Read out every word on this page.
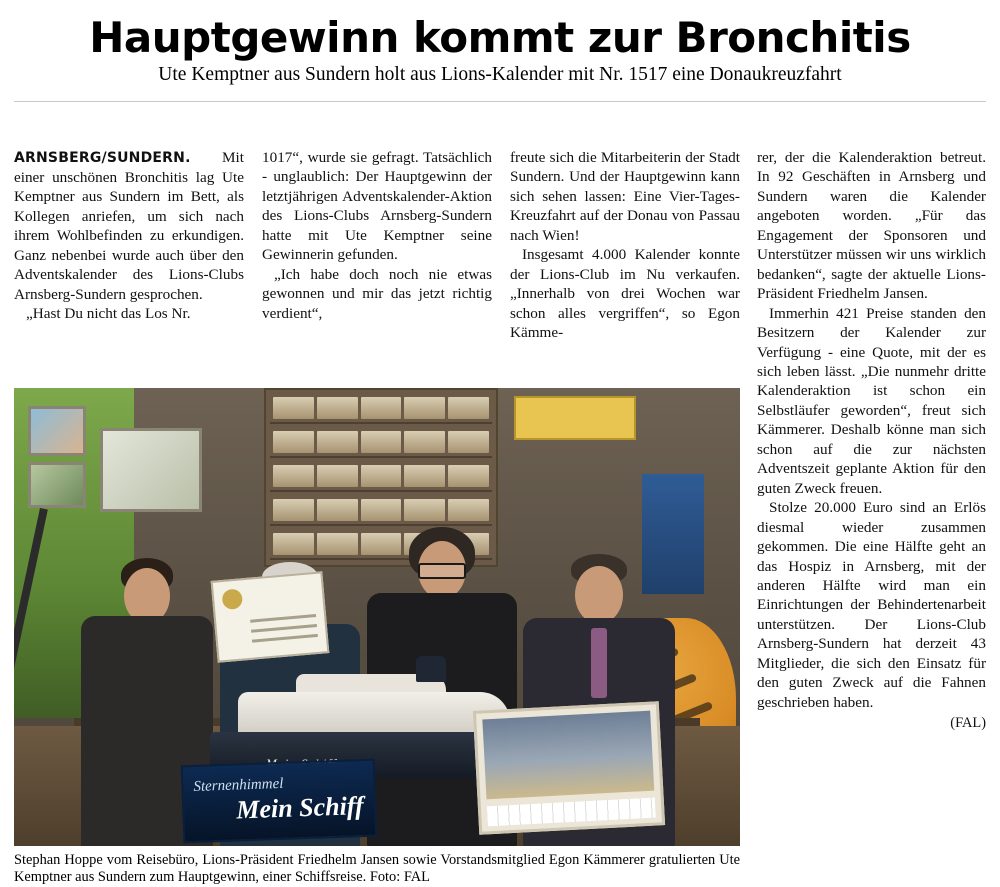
Hauptgewinn kommt zur Bronchitis
Ute Kemptner aus Sundern holt aus Lions-Kalender mit Nr. 1517 eine Donaukreuzfahrt

ARNSBERG/SUNDERN. Mit einer unschönen Bronchitis lag Ute Kemptner aus Sundern im Bett, als Kollegen anriefen, um sich nach ihrem Wohlbefinden zu erkundigen. Ganz nebenbei wurde auch über den Adventskalender des Lions-Clubs Arnsberg-Sundern gesprochen.

„Hast Du nicht das Los Nr.

1017“, wurde sie gefragt. Tatsächlich - unglaublich: Der Hauptgewinn der letztjährigen Adventskalender-Aktion des Lions-Clubs Arnsberg-Sundern hatte mit Ute Kemptner seine Gewinnerin gefunden.

„Ich habe doch noch nie etwas gewonnen und mir das jetzt richtig verdient“,

freute sich die Mitarbeiterin der Stadt Sundern. Und der Hauptgewinn kann sich sehen lassen: Eine Vier-Tages-Kreuzfahrt auf der Donau von Passau nach Wien!

Insgesamt 4.000 Kalender konnte der Lions-Club im Nu verkaufen. „Innerhalb von drei Wochen war schon alles vergriffen“, so Egon Kämme-

rer, der die Kalenderaktion betreut. In 92 Geschäften in Arnsberg und Sundern waren die Kalender angeboten worden. „Für das Engagement der Sponsoren und Unterstützer müssen wir uns wirklich bedanken“, sagte der aktuelle Lions-Präsident Friedhelm Jansen.

Immerhin 421 Preise standen den Besitzern der Kalender zur Verfügung - eine Quote, mit der es sich leben lässt. „Die nunmehr dritte Kalenderaktion ist schon ein Selbstläufer geworden“, freut sich Kämmerer. Deshalb könne man sich schon auf die zur nächsten Adventszeit geplante Aktion für den guten Zweck freuen.

Stolze 20.000 Euro sind an Erlös diesmal wieder zusammen gekommen. Die eine Hälfte geht an das Hospiz in Arnsberg, mit der anderen Hälfte wird man ein Einrichtungen der Behindertenarbeit unterstützen. Der Lions-Club Arnsberg-Sundern hat derzeit 43 Mitglieder, die sich den Einsatz für den guten Zweck auf die Fahnen geschrieben haben.

(FAL)
Sternenhimmel
Mein Schiff
Stephan Hoppe vom Reisebüro, Lions-Präsident Friedhelm Jansen sowie Vorstandsmitglied Egon Kämmerer gratulierten Ute Kemptner aus Sundern zum Hauptgewinn, einer Schiffsreise. Foto: FAL
